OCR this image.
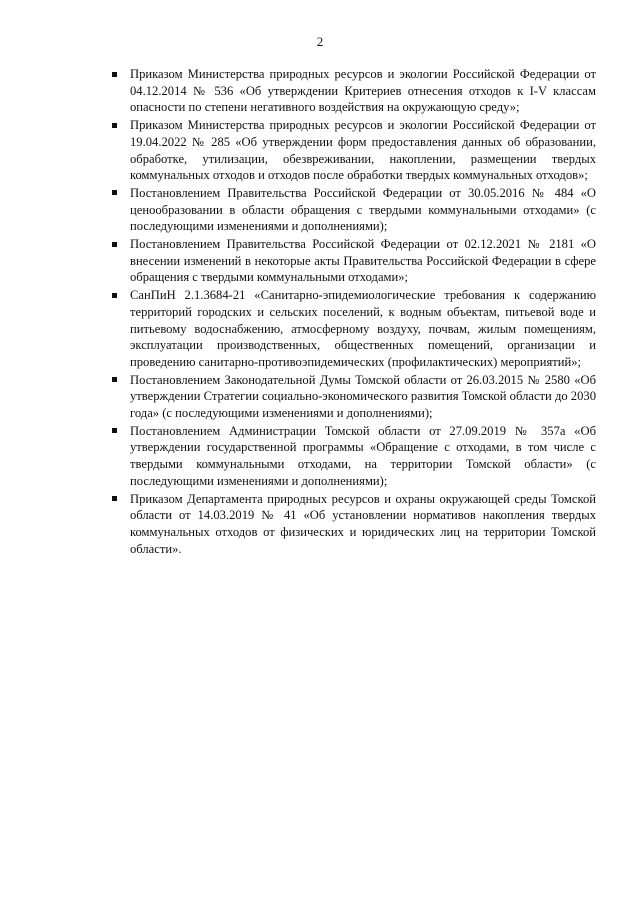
2
Приказом Министерства природных ресурсов и экологии Российской Федерации от 04.12.2014 № 536 «Об утверждении Критериев отнесения отходов к I-V классам опасности по степени негативного воздействия на окружающую среду»;
Приказом Министерства природных ресурсов и экологии Российской Федерации от 19.04.2022 № 285 «Об утверждении форм предоставления данных об образовании, обработке, утилизации, обезвреживании, накоплении, размещении твердых коммунальных отходов и отходов после обработки твердых коммунальных отходов»;
Постановлением Правительства Российской Федерации от 30.05.2016 № 484 «О ценообразовании в области обращения с твердыми коммунальными отходами» (с последующими изменениями и дополнениями);
Постановлением Правительства Российской Федерации от 02.12.2021 № 2181 «О внесении изменений в некоторые акты Правительства Российской Федерации в сфере обращения с твердыми коммунальными отходами»;
СанПиН 2.1.3684-21 «Санитарно-эпидемиологические требования к содержанию территорий городских и сельских поселений, к водным объектам, питьевой воде и питьевому водоснабжению, атмосферному воздуху, почвам, жилым помещениям, эксплуатации производственных, общественных помещений, организации и проведению санитарно-противоэпидемических (профилактических) мероприятий»;
Постановлением Законодательной Думы Томской области от 26.03.2015 № 2580 «Об утверждении Стратегии социально-экономического развития Томской области до 2030 года» (с последующими изменениями и дополнениями);
Постановлением Администрации Томской области от 27.09.2019 № 357а «Об утверждении государственной программы «Обращение с отходами, в том числе с твердыми коммунальными отходами, на территории Томской области» (с последующими изменениями и дополнениями);
Приказом Департамента природных ресурсов и охраны окружающей среды Томской области от 14.03.2019 № 41 «Об установлении нормативов накопления твердых коммунальных отходов от физических и юридических лиц на территории Томской области».
